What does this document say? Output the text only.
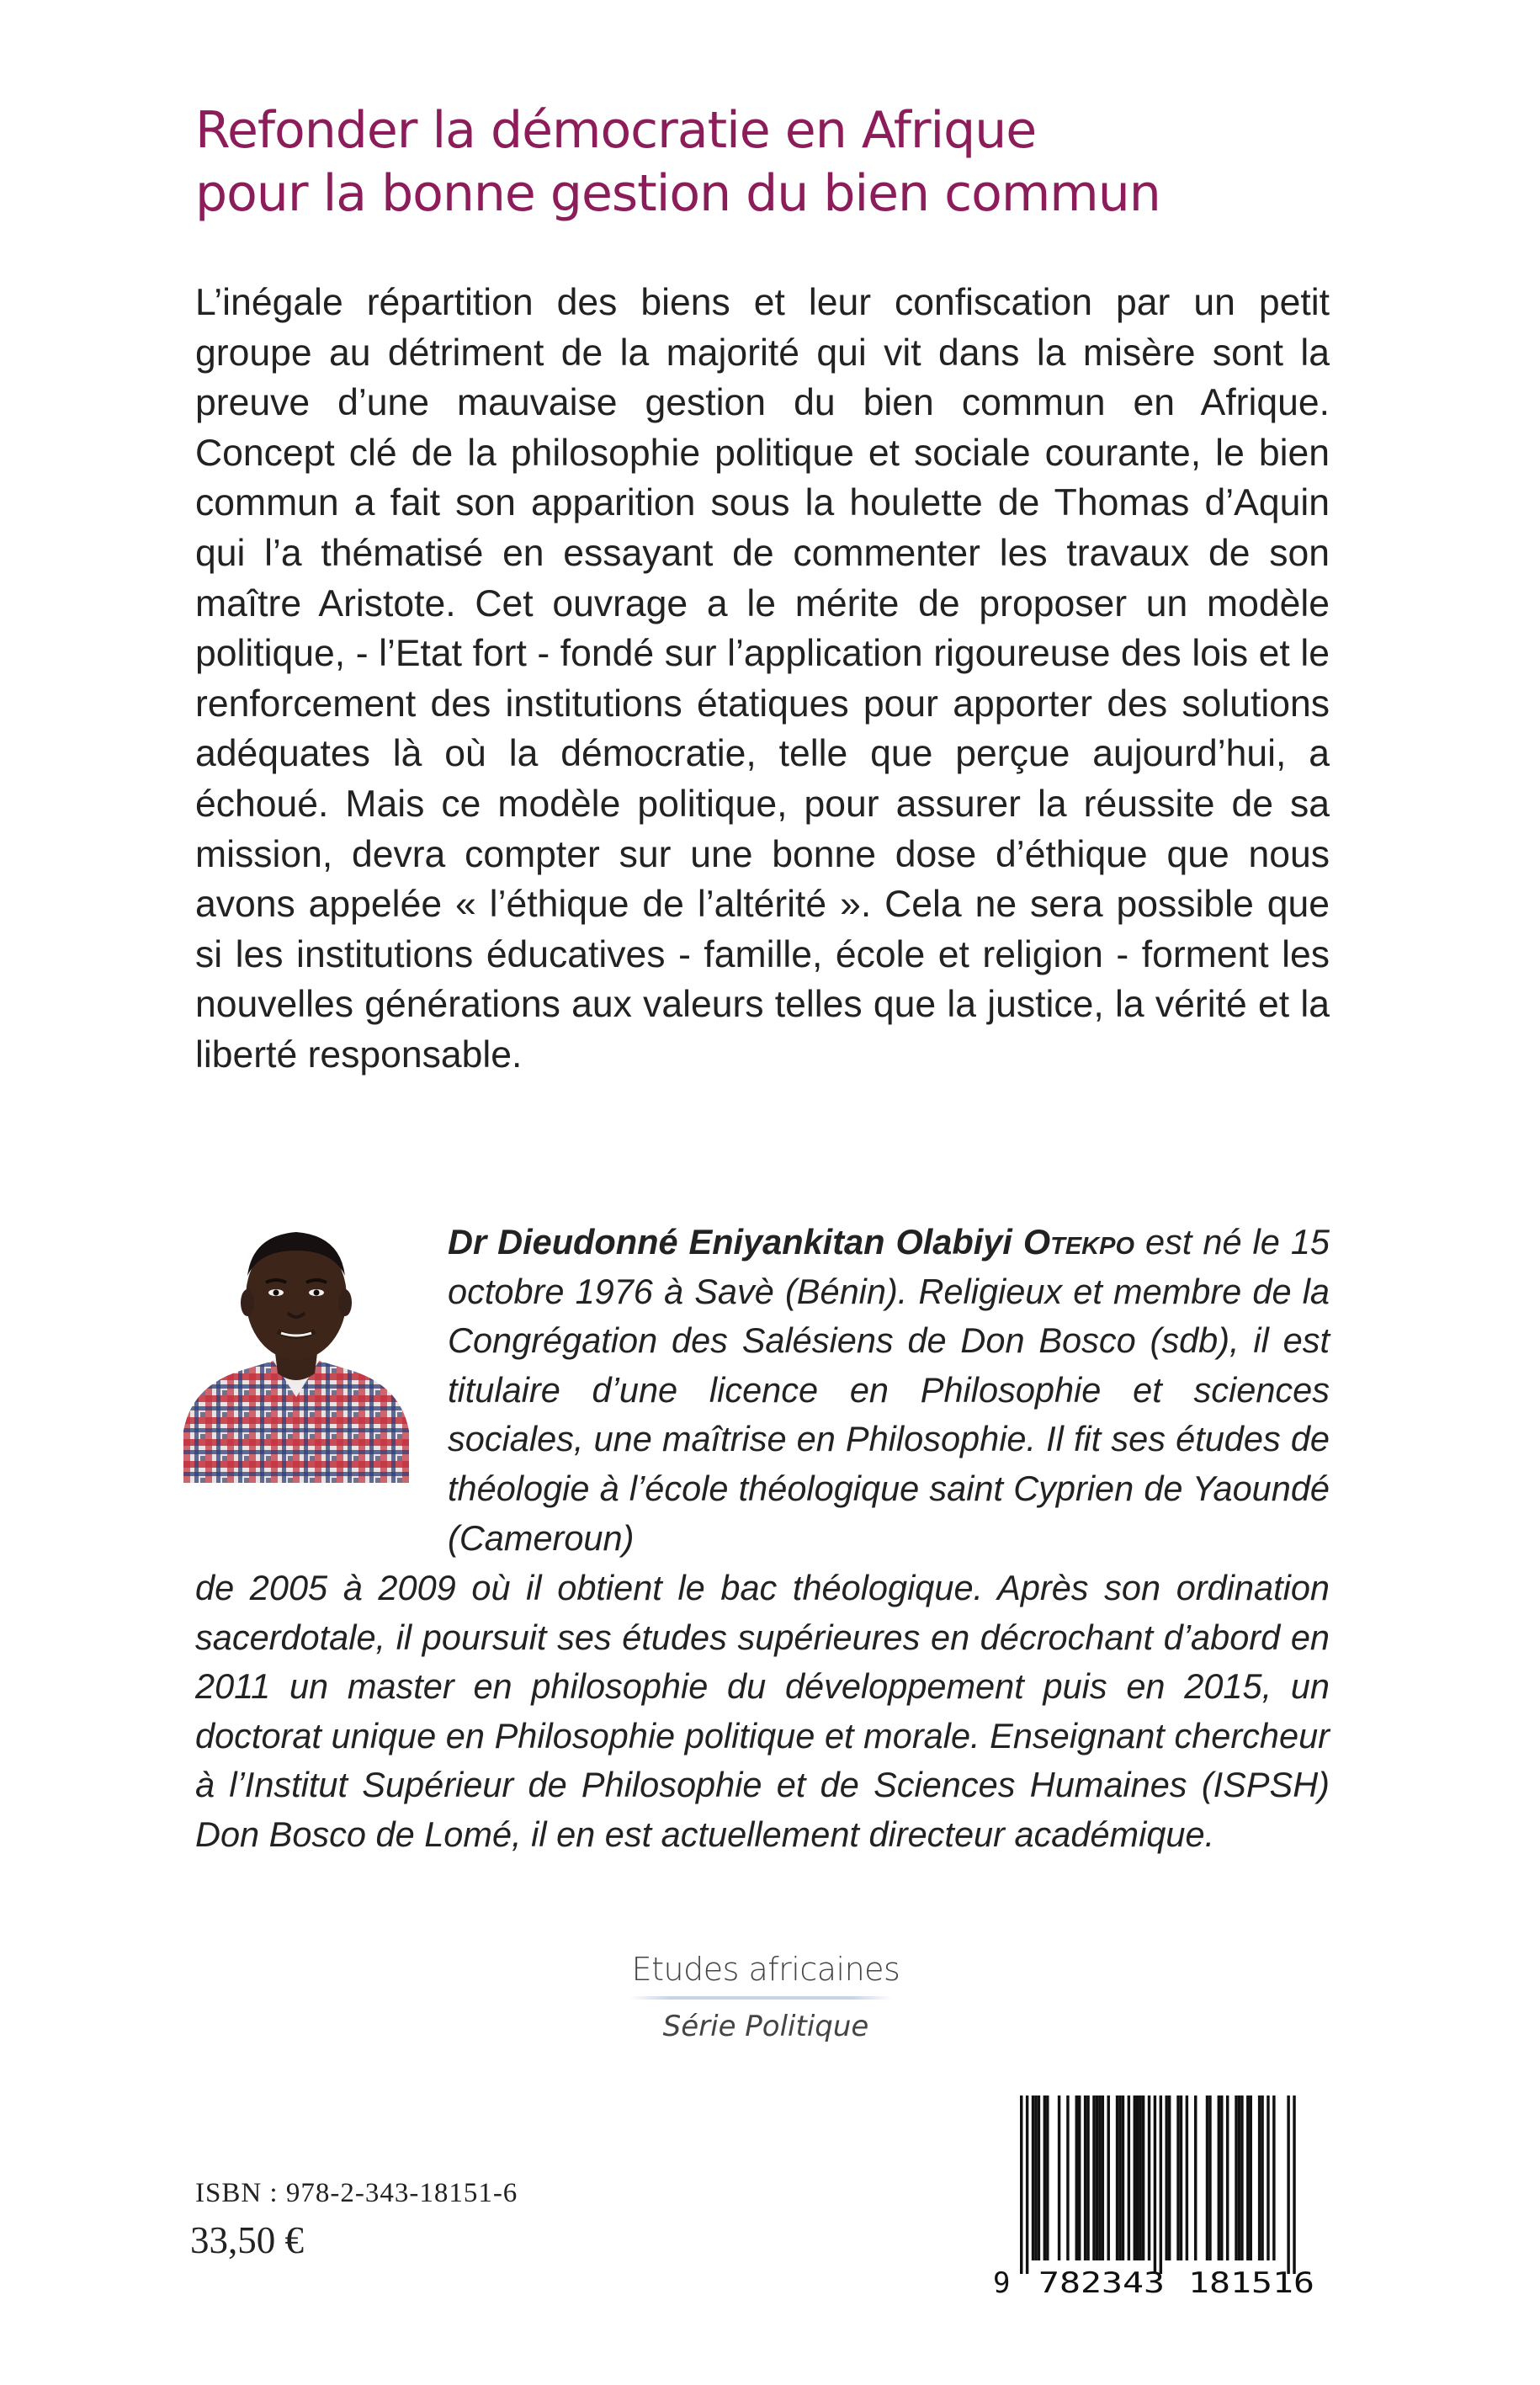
Refonder la démocratie en Afrique
pour la bonne gestion du bien commun

L’inégale répartition des biens et leur confiscation par un petit groupe au détriment de la majorité qui vit dans la misère sont la preuve d’une mauvaise gestion du bien commun en Afrique. Concept clé de la philosophie politique et sociale courante, le bien commun a fait son apparition sous la houlette de Thomas d’Aquin qui l’a thématisé en essayant de commenter les travaux de son maître Aristote. Cet ouvrage a le mérite de proposer un modèle politique, - l’Etat fort - fondé sur l’application rigoureuse des lois et le renforcement des institutions étatiques pour apporter des solutions adéquates là où la démocratie, telle que perçue aujourd’hui, a échoué. Mais ce modèle politique, pour assurer la réussite de sa mission, devra compter sur une bonne dose d’éthique que nous avons appelée « l’éthique de l’altérité ». Cela ne sera possible que si les institutions éducatives - famille, école et religion - forment les nouvelles générations aux valeurs telles que la justice, la vérité et la liberté responsable.

Dr Dieudonné Eniyankitan Olabiyi Otekpo est né le 15 octobre 1976 à Savè (Bénin). Religieux et membre de la Congrégation des Salésiens de Don Bosco (sdb), il est titulaire d’une licence en Philosophie et sciences sociales, une maîtrise en Philosophie. Il fit ses études de théologie à l’école théologique saint Cyprien de Yaoundé (Cameroun)

de 2005 à 2009 où il obtient le bac théologique. Après son ordination sacerdotale, il poursuit ses études supérieures en décrochant d’abord en 2011 un master en philosophie du développement puis en 2015, un doctorat unique en Philosophie politique et morale. Enseignant chercheur à l’Institut Supérieur de Philosophie et de Sciences Humaines (ISPSH) Don Bosco de Lomé, il en est actuellement directeur académique.

Etudes africaines
Série Politique
ISBN : 978-2-343-18151-6
33,50 €
9 782343 181516
